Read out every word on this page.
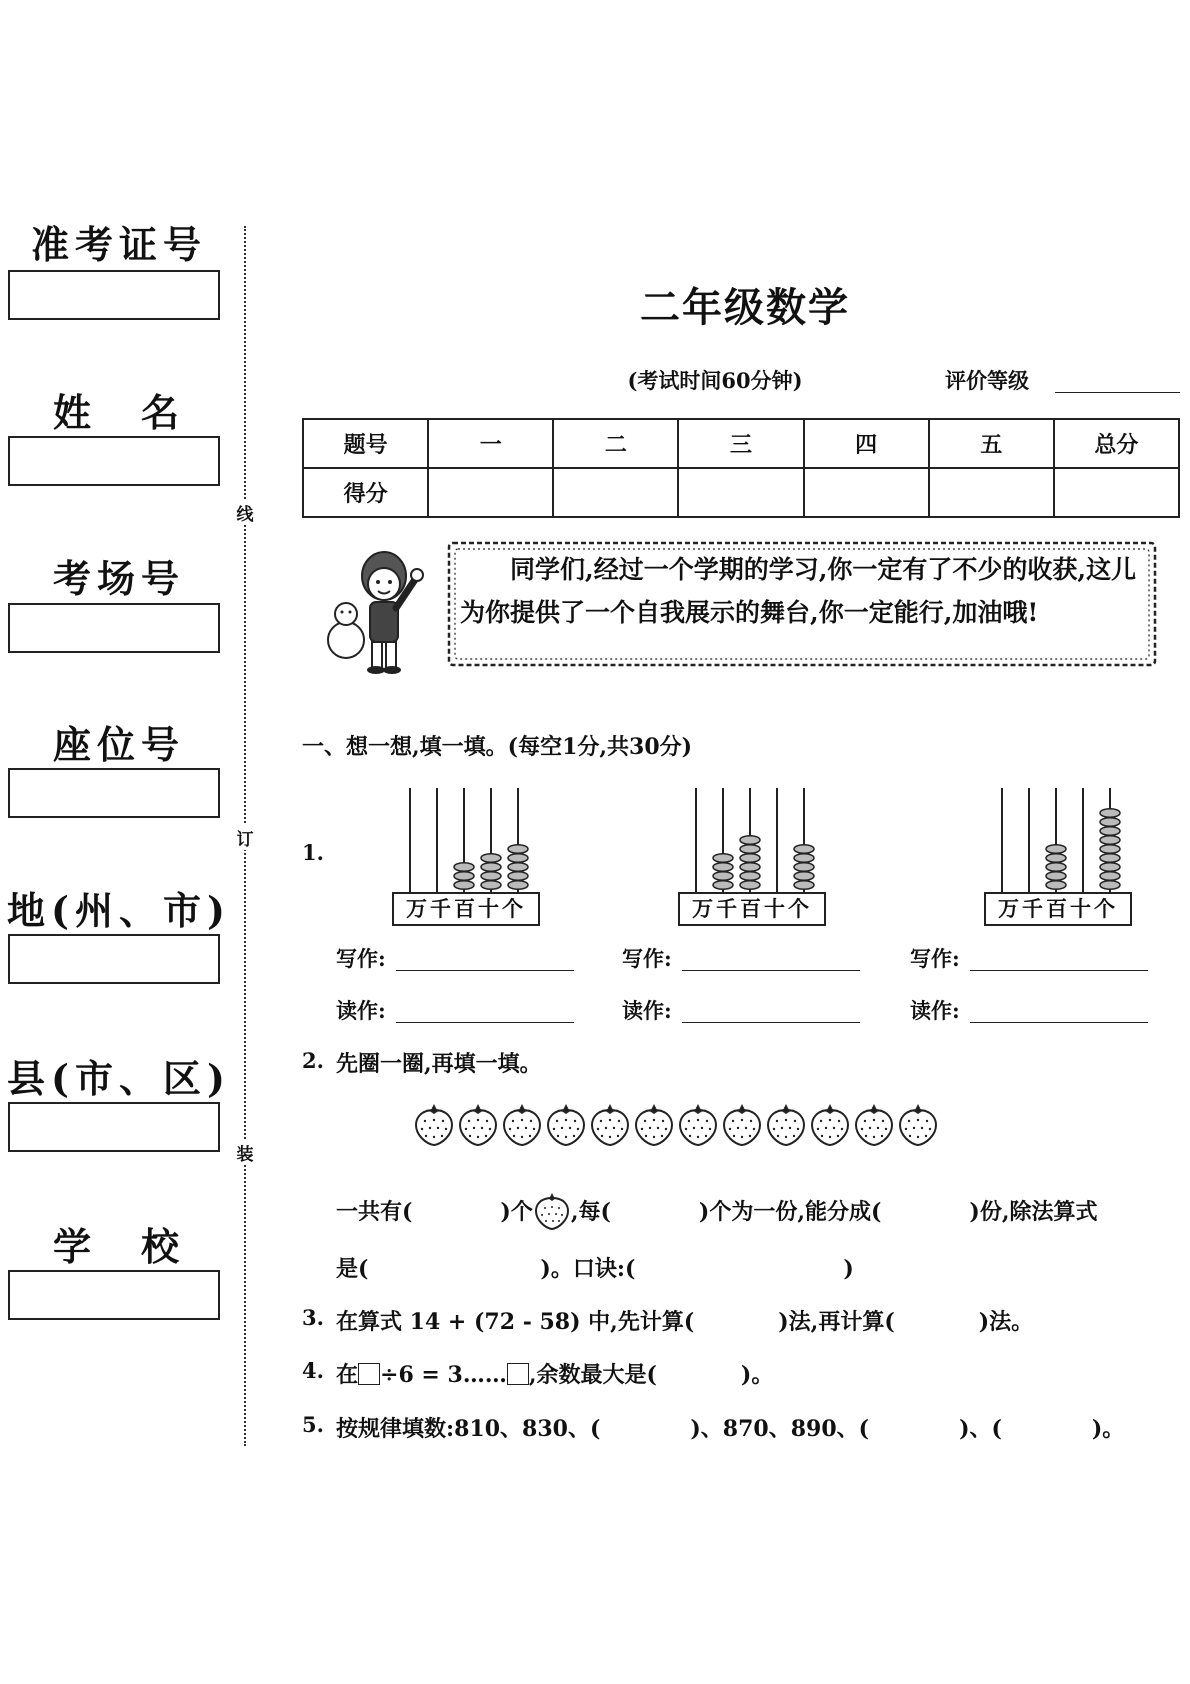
准考证号
姓　名
考场号
座位号
地(州、市)
县(市、区)
学　校
线
订
装
二年级数学
(考试时间60分钟)	评价等级
题号	一	二	三	四	五	总分
得分						
同学们,经过一个学期的学习,你一定有了不少的收获,这儿为你提供了一个自我展示的舞台,你一定能行,加油哦!
一、想一想,填一填。(每空1分,共30分)
1.
万千百十个	万千百十个	万千百十个
写作:	写作:	写作:
读作:	读作:	读作:
2. 先圈一圈,再填一填。
一共有(	)个 ,每(	)个为一份,能分成(	)份,除法算式
是(	)。口诀:(	)
3. 在算式 14 + (72 - 58) 中,先计算(	)法,再计算(	)法。
4. 在 ÷6 = 3…… ,余数最大是(	)。
5. 按规律填数:810、830、(	)、870、890、(	)、(	)。
